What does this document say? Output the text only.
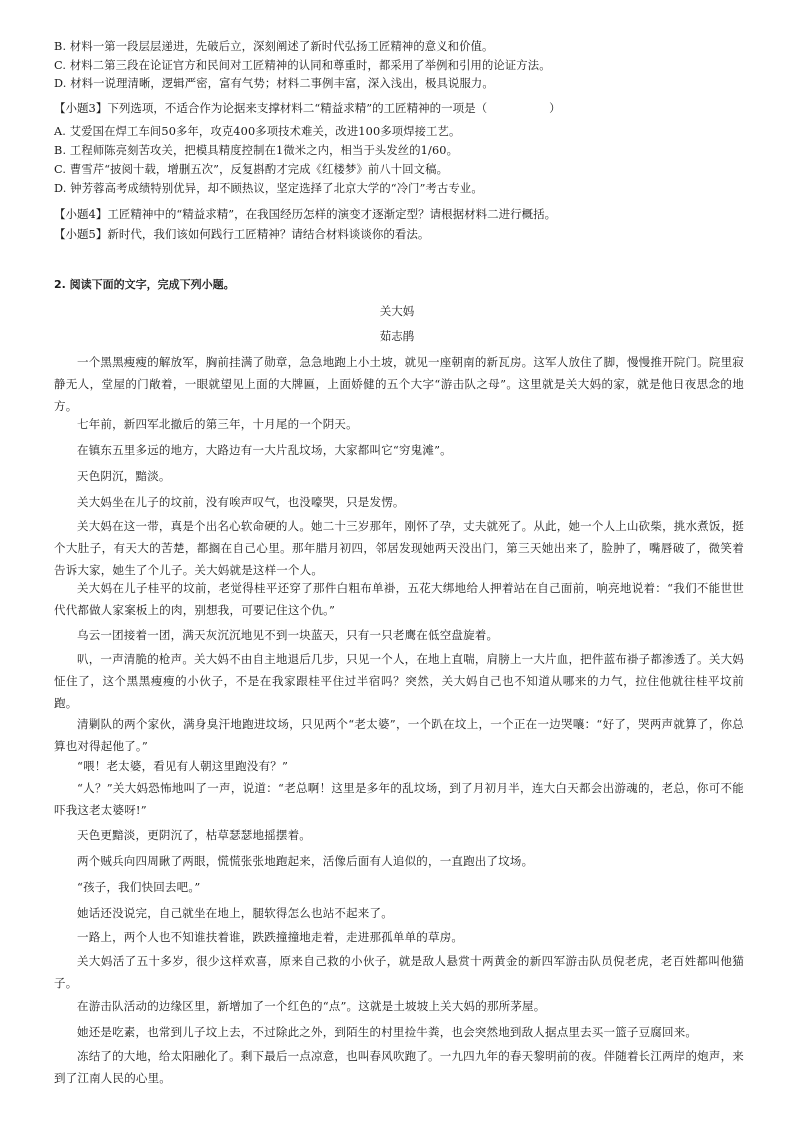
B. 材料一第一段层层递进，先破后立，深刻阐述了新时代弘扬工匠精神的意义和价值。
C. 材料二第三段在论证官方和民间对工匠精神的认同和尊重时，都采用了举例和引用的论证方法。
D. 材料一说理清晰，逻辑严密，富有气势；材料二事例丰富，深入浅出，极具说服力。
【小题3】下列选项，不适合作为论据来支撑材料二“精益求精”的工匠精神的一项是（	）
A. 艾爱国在焊工车间50多年，攻克400多项技术难关，改进100多项焊接工艺。
B. 工程师陈亮刻苦攻关，把模具精度控制在1微米之内，相当于头发丝的1/60。
C. 曹雪芹“披阅十载，增删五次”，反复斟酌才完成《红楼梦》前八十回文稿。
D. 钟芳蓉高考成绩特别优异，却不顾热议，坚定选择了北京大学的“冷门”考古专业。
【小题4】工匠精神中的“精益求精”，在我国经历怎样的演变才逐渐定型？请根据材料二进行概括。
【小题5】新时代，我们该如何践行工匠精神？请结合材料谈谈你的看法。
2. 阅读下面的文字，完成下列小题。
关大妈
茹志鹃
一个黑黑瘦瘦的解放军，胸前挂满了勋章，急急地跑上小土坡，就见一座朝南的新瓦房。这军人放住了脚，慢慢推开院门。院里寂静无人，堂屋的门敞着，一眼就望见上面的大牌匾，上面娇健的五个大字“游击队之母”。这里就是关大妈的家，就是他日夜思念的地方。
七年前，新四军北撤后的第三年，十月尾的一个阴天。
在镇东五里多远的地方，大路边有一大片乱坟场，大家都叫它“穷鬼滩”。
天色阴沉，黯淡。
关大妈坐在儿子的坟前，没有唉声叹气，也没嚎哭，只是发愣。
关大妈在这一带，真是个出名心软命硬的人。她二十三岁那年，刚怀了孕，丈夫就死了。从此，她一个人上山砍柴，挑水煮饭，挺个大肚子，有天大的苦楚，都搁在自己心里。那年腊月初四，邻居发现她两天没出门，第三天她出来了，脸肿了，嘴唇破了，微笑着告诉大家，她生了个儿子。关大妈就是这样一个人。
关大妈在儿子桂平的坟前，老觉得桂平还穿了那件白粗布单褂，五花大绑地给人押着站在自己面前，响亮地说着：“我们不能世世代代都做人家案板上的肉，别想我，可要记住这个仇。”
乌云一团接着一团，满天灰沉沉地见不到一块蓝天，只有一只老鹰在低空盘旋着。
叭，一声清脆的枪声。关大妈不由自主地退后几步，只见一个人，在地上直喘，肩膀上一大片血，把件蓝布褂子都渗透了。关大妈怔住了，这个黑黑瘦瘦的小伙子，不是在我家跟桂平住过半宿吗？突然，关大妈自己也不知道从哪来的力气，拉住他就往桂平坟前跑。
清剿队的两个家伙，满身臭汗地跑进坟场，只见两个“老太婆”，一个趴在坟上，一个正在一边哭嚷：“好了，哭两声就算了，你总算也对得起他了。”
“喂！老太婆，看见有人朝这里跑没有？”
“人？”关大妈恐怖地叫了一声，说道：“老总啊！这里是多年的乱坟场，到了月初月半，连大白天都会出游魂的，老总，你可不能吓我这老太婆呀!”
天色更黯淡，更阴沉了，枯草瑟瑟地摇摆着。
两个贼兵向四周瞅了两眼，慌慌张张地跑起来，活像后面有人追似的，一直跑出了坟场。
“孩子，我们快回去吧。”
她话还没说完，自己就坐在地上，腿软得怎么也站不起来了。
一路上，两个人也不知谁扶着谁，跌跌撞撞地走着，走进那孤单单的草房。
关大妈活了五十多岁，很少这样欢喜，原来自己救的小伙子，就是敌人悬赏十两黄金的新四军游击队员倪老虎，老百姓都叫他猫子。
在游击队活动的边缘区里，新增加了一个红色的“点”。这就是土坡坡上关大妈的那所茅屋。
她还是吃素，也常到儿子坟上去，不过除此之外，到陌生的村里捡牛粪，也会突然地到敌人据点里去买一篮子豆腐回来。
冻结了的大地，给太阳融化了。剩下最后一点凉意，也叫春风吹跑了。一九四九年的春天黎明前的夜。伴随着长江两岸的炮声，来到了江南人民的心里。
